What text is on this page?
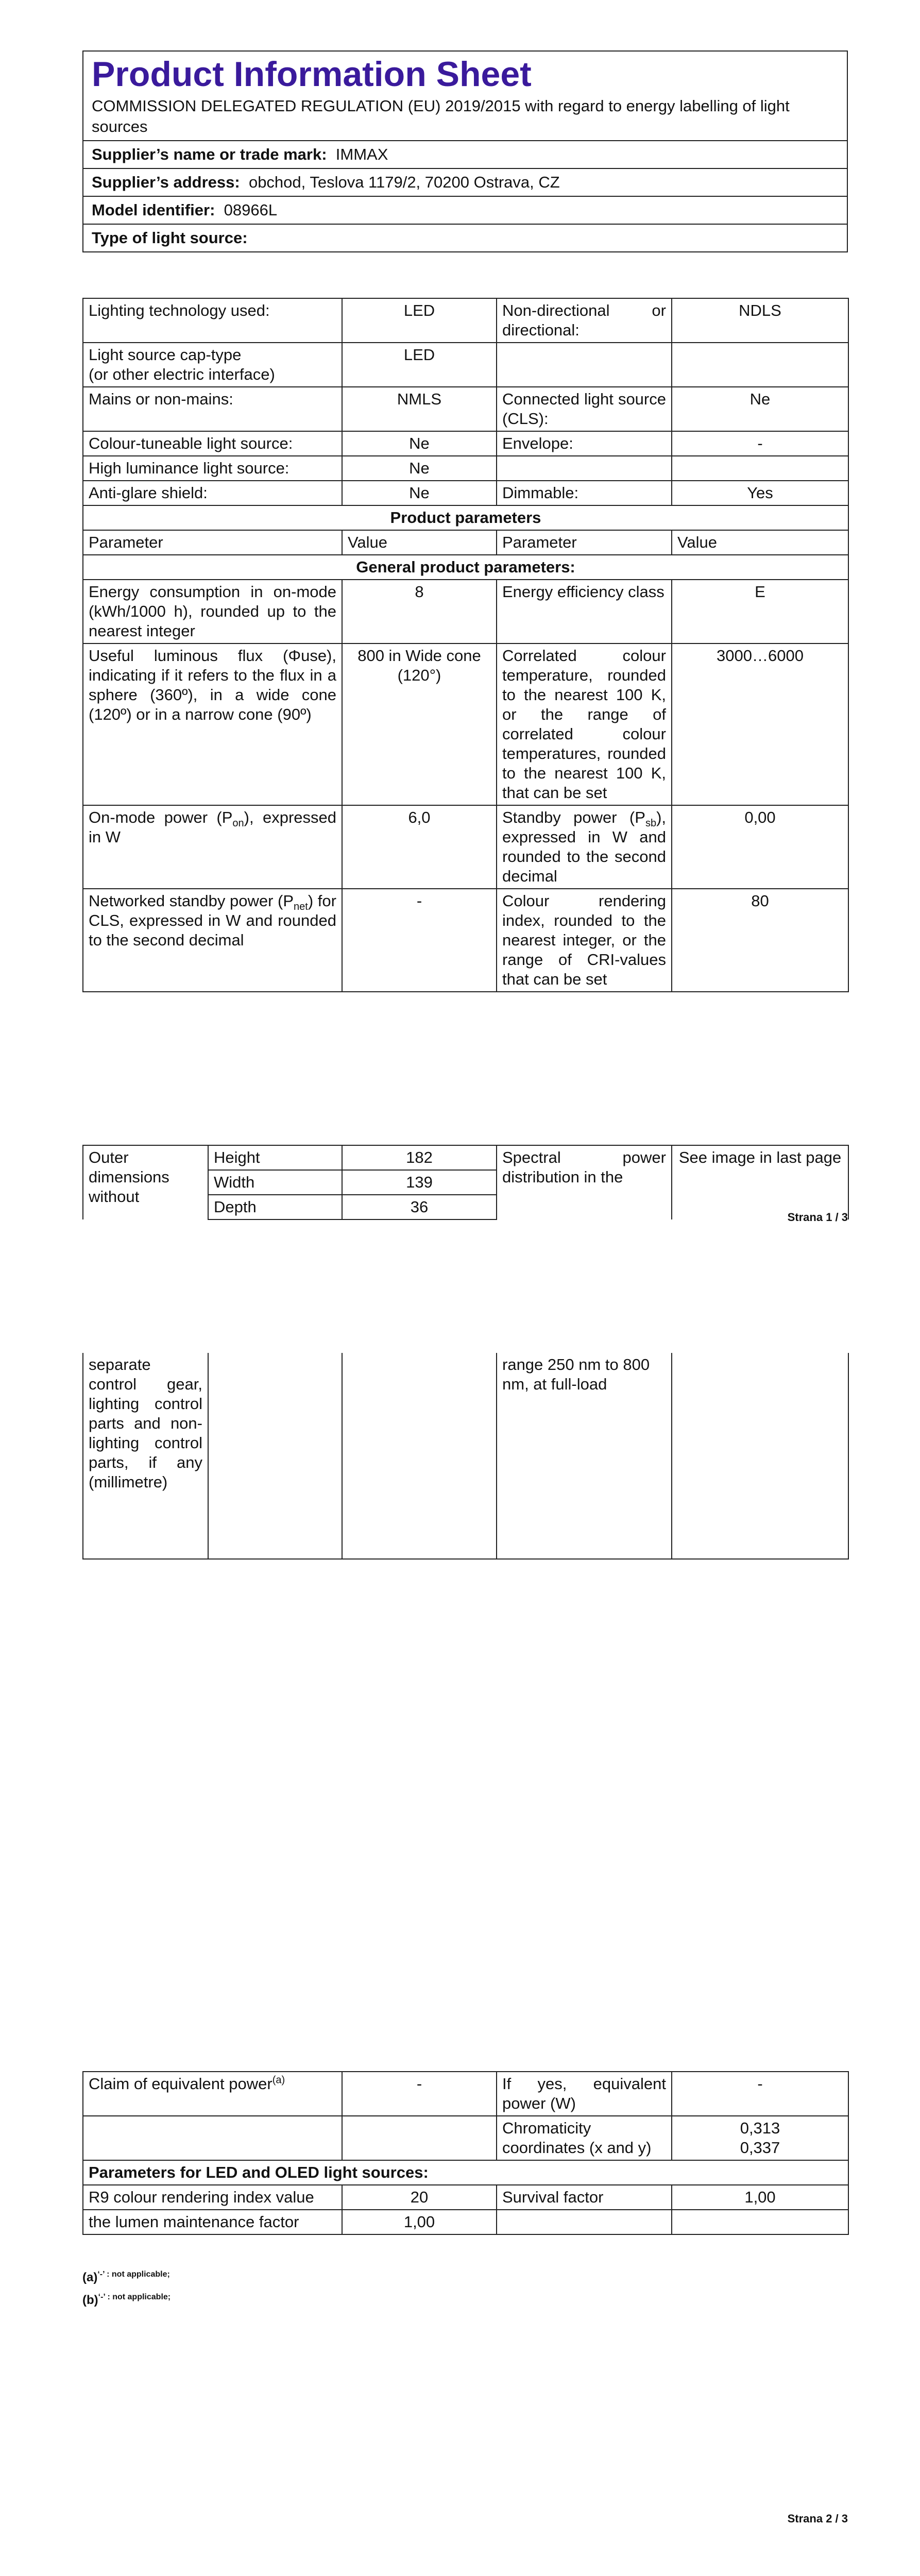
Product Information Sheet
COMMISSION DELEGATED REGULATION (EU) 2019/2015 with regard to energy labelling of light sources
Supplier’s name or trade mark: IMMAX
Supplier’s address: obchod, Teslova 1179/2, 70200 Ostrava, CZ
Model identifier: 08966L
Type of light source:
Lighting technology used:	LED	Non-directional or directional:	NDLS

Light source cap-type
(or other electric interface)	LED		
Mains or non-mains:	NMLS	Connected light source (CLS):	Ne
Colour-tuneable light source:	Ne	Envelope:	-
High luminance light source:	Ne		
Anti-glare shield:	Ne	Dimmable:	Yes
Product parameters			
Parameter	Value	Parameter	Value
General product parameters:			
Energy consumption in on-mode (kWh/1000 h), rounded up to the nearest integer	8	Energy efficiency class	E
Useful luminous flux (Φuse), indicating if it refers to the flux in a sphere (360º), in a wide cone (120º) or in a narrow cone (90º)	800 in Wide cone (120°)	Correlated colour temperature, rounded to the nearest 100 K, or the range of correlated colour temperatures, rounded to the nearest 100 K, that can be set	3000…6000
On-mode power $(P_{on})$, expressed in W	6,0	Standby power $(P_{sb})$, expressed in W and rounded to the second decimal	0,00
Networked standby power $(P_{net})$ for CLS, expressed in W and rounded to the second decimal	-	Colour rendering index, rounded to the nearest integer, or the range of CRI-values that can be set	80
Outer dimensions without	Height	182	Spectral power distribution in the	See image in last page
	Width	139		
	Depth	36		
Strana 1 / 3
separate control gear, lighting control parts and non-lighting control parts, if any (millimetre)			range 250 nm to 800 nm, at full-load	
Claim of equivalent power$^{(a)}$	-	If yes, equivalent power (W)	-
		Chromaticity coordinates (x and y)	0,313
0,337

Parameters for LED and OLED light sources:			
R9 colour rendering index value	20	Survival factor	1,00
the lumen maintenance factor	1,00		
$(a)^{‘-’ : not applicable;}$
$(b)^{‘-’ : not applicable;}$
Strana 2 / 3
